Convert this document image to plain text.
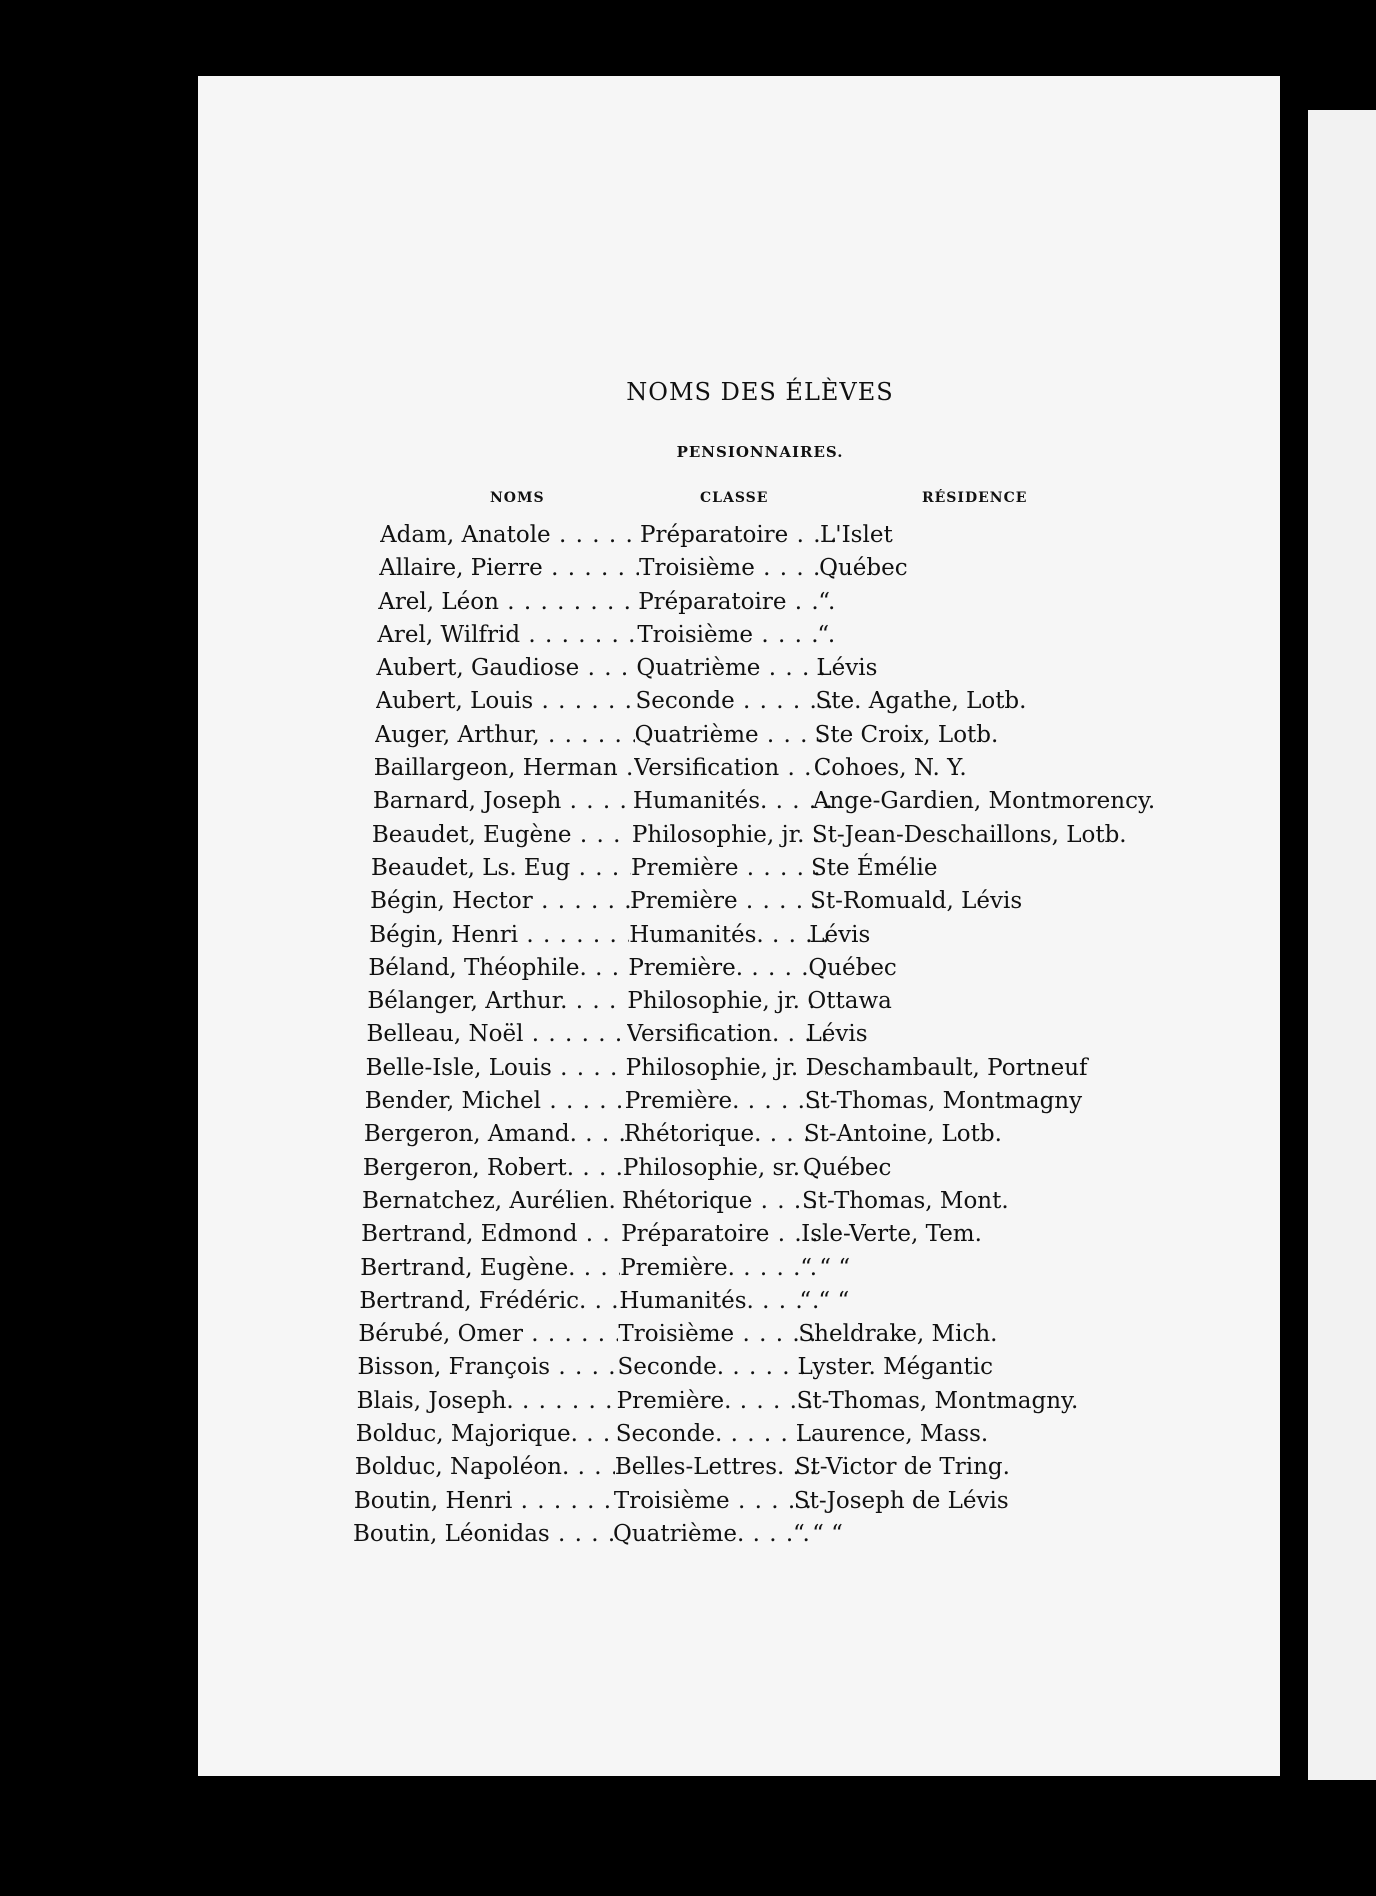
NOMS DES ÉLÈVES
PENSIONNAIRES.
NOMS	CLASSE	RÉSIDENCE
Adam, Anatole . . .	Préparatoire . . .	L'Islet
Allaire, Pierre . . .	Troisième . . .	Québec
Arel, Léon . . .	Préparatoire . . .	“
Arel, Wilfrid . . .	Troisième . . .	“
Aubert, Gaudiose . . .	Quatrième . . .	Lévis
Aubert, Louis . . .	Seconde . . .	Ste. Agathe, Lotb.
Auger, Arthur, . . .	Quatrième . . .	Ste Croix, Lotb.
Baillargeon, Herman . . . Versification . . .	Cohoes, N. Y.
Barnard, Joseph . . .	Humanités. . . .	Ange-Gardien, Montmorency.
Beaudet, Eugène . . .	Philosophie, jr. . . . St-Jean-Deschaillons, Lotb.
Beaudet, Ls. Eug . . .	Première . . .	Ste Émélie
Bégin, Hector . . .	Première . . .	St-Romuald, Lévis
Bégin, Henri . . .	Humanités. . . .	Lévis
Béland, Théophile. . . .	Première. . . .	Québec
Bélanger, Arthur. . . .	Philosophie, jr. . . . Ottawa
Belleau, Noël . . .	Versification. . . .	Lévis
Belle-Isle, Louis . . .	Philosophie, jr. . . . Deschambault, Portneuf
Bender, Michel . . .	Première. . . .	St-Thomas, Montmagny
Bergeron, Amand. . . .	Rhétorique. . . .	St-Antoine, Lotb.
Bergeron, Robert. . . .	Philosophie, sr. . . . Québec
Bernatchez, Aurélien. . . . Rhétorique . . .	St-Thomas, Mont.
Bertrand, Edmond . . .	Préparatoire . . .	Isle-Verte, Tem.
Bertrand, Eugène. . . .	Première. . . .	“ “ “
Bertrand, Frédéric. . . .	Humanités. . . .	“ “ “
Bérubé, Omer . . .	Troisième . . .	Sheldrake, Mich.
Bisson, François . . .	Seconde. . . .	Lyster. Mégantic
Blais, Joseph. . . .	Première. . . .	St-Thomas, Montmagny.
Bolduc, Majorique. . . .	Seconde. . . .	Laurence, Mass.
Bolduc, Napoléon. . . .	Belles-Lettres. . . . St-Victor de Tring.
Boutin, Henri . . .	Troisième . . .	St-Joseph de Lévis
Boutin, Léonidas . . .	Quatrième. . . .	“ “ “
